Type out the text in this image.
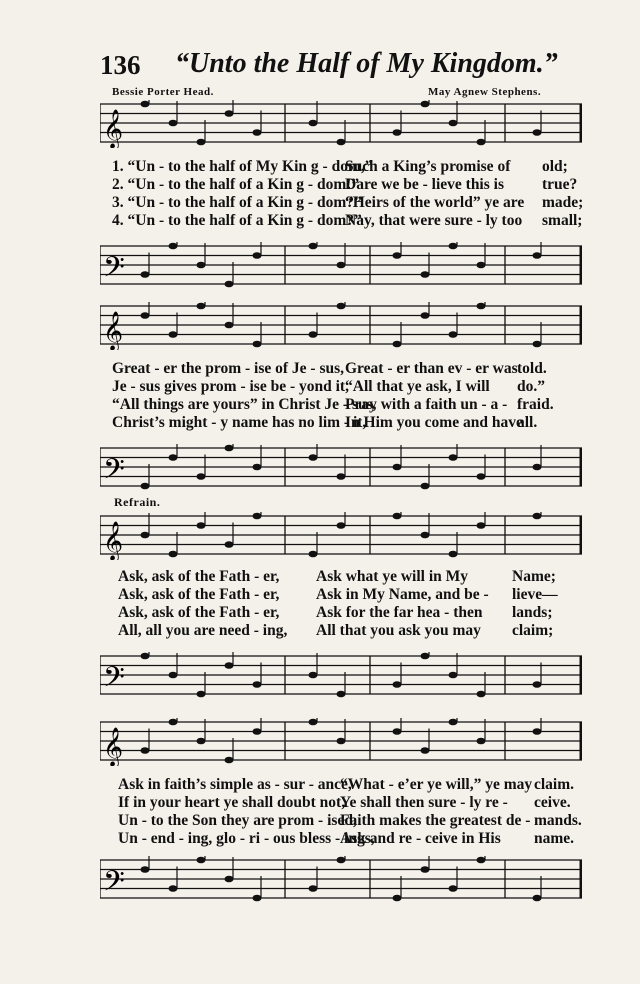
136 “Unto the Half of My Kingdom.”
Bessie Porter Head.	May Agnew Stephens.
𝄞
𝄢
𝄞
𝄢
Refrain.
𝄞
𝄢
𝄞
𝄢
1. “Un - to the half of My Kin g - dom,”
Such a King’s promise of old;
2. “Un - to the half of a Kin g - dom!”
Dare we be - lieve this is true?
3. “Un - to the half of a Kin g - dom?”
“Heirs of the world” ye are made;
4. “Un - to the half of a Kin g - dom?”
Nay, that were sure - ly too small;
Great - er the prom - ise of Je - sus, Great - er than ev - er was told.
Je - sus gives prom - ise be - yond it,
“All that ye ask, I will do.”
“All things are yours” in Christ Je - sus,
Pray with a faith un - a - fraid.
Christ’s might - y name has no lim - it,
In Him you come and have
all.
Ask, ask of the Fath - er, Ask what ye will in My	Name;
Ask, ask of the Fath - er, Ask in My Name, and be - lieve—
Ask, ask of the Fath - er, Ask for the far hea - then lands;
All, all you are need - ing, All that you ask you may claim;
Ask in faith’s simple as - sur - ance,
“What - e’er ye will,” ye may claim.
If in your heart ye shall doubt not,
Ye shall then sure - ly re - ceive.
Un - to the Son they are prom - ised,
Faith makes the greatest de - mands.
Un - end - ing, glo - ri - ous bless - ings,
Ask and re - ceive in His name.
